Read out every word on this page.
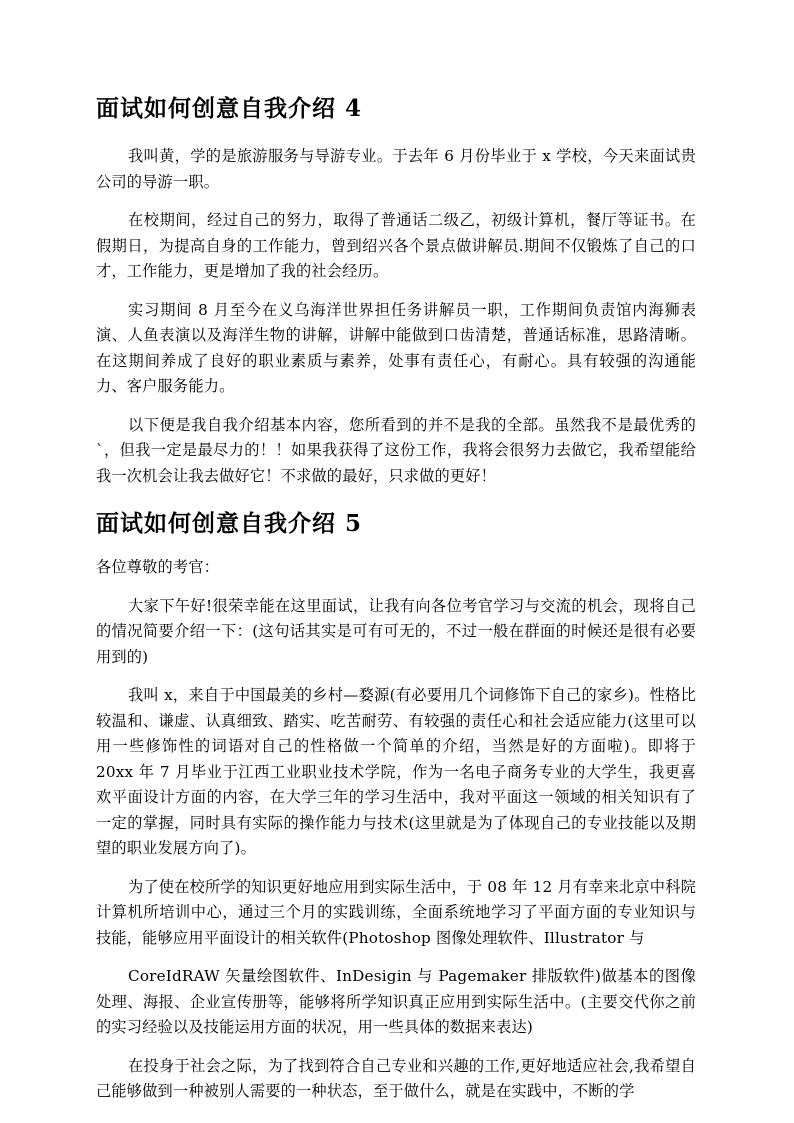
面试如何创意自我介绍 4

我叫黄，学的是旅游服务与导游专业。于去年 6 月份毕业于 x 学校，今天来面试贵公司的导游一职。

在校期间，经过自己的努力，取得了普通话二级乙，初级计算机，餐厅等证书。在假期日，为提高自身的工作能力，曾到绍兴各个景点做讲解员.期间不仅锻炼了自己的口才，工作能力，更是增加了我的社会经历。

实习期间 8 月至今在义乌海洋世界担任务讲解员一职，工作期间负责馆内海狮表演、人鱼表演以及海洋生物的讲解，讲解中能做到口齿清楚，普通话标准，思路清晰。在这期间养成了良好的职业素质与素养，处事有责任心，有耐心。具有较强的沟通能力、客户服务能力。

以下便是我自我介绍基本内容，您所看到的并不是我的全部。虽然我不是最优秀的`，但我一定是最尽力的！！如果我获得了这份工作，我将会很努力去做它，我希望能给我一次机会让我去做好它！不求做的最好，只求做的更好！

面试如何创意自我介绍 5

各位尊敬的考官：

大家下午好!很荣幸能在这里面试，让我有向各位考官学习与交流的机会，现将自己的情况简要介绍一下：(这句话其实是可有可无的，不过一般在群面的时候还是很有必要用到的)

我叫 x，来自于中国最美的乡村—婺源(有必要用几个词修饰下自己的家乡)。性格比较温和、谦虚、认真细致、踏实、吃苦耐劳、有较强的责任心和社会适应能力(这里可以用一些修饰性的词语对自己的性格做一个简单的介绍，当然是好的方面啦)。即将于 20xx 年 7 月毕业于江西工业职业技术学院，作为一名电子商务专业的大学生，我更喜欢平面设计方面的内容，在大学三年的学习生活中，我对平面这一领域的相关知识有了一定的掌握，同时具有实际的操作能力与技术(这里就是为了体现自己的专业技能以及期望的职业发展方向了)。

为了使在校所学的知识更好地应用到实际生活中，于 08 年 12 月有幸来北京中科院计算机所培训中心，通过三个月的实践训练，全面系统地学习了平面方面的专业知识与技能，能够应用平面设计的相关软件(Photoshop 图像处理软件、Illustrator 与

CoreIdRAW 矢量绘图软件、InDesigin 与 Pagemaker 排版软件)做基本的图像处理、海报、企业宣传册等，能够将所学知识真正应用到实际生活中。(主要交代你之前的实习经验以及技能运用方面的状况，用一些具体的数据来表达)

在投身于社会之际，为了找到符合自己专业和兴趣的工作,更好地适应社会,我希望自己能够做到一种被别人需要的一种状态，至于做什么，就是在实践中，不断的学
